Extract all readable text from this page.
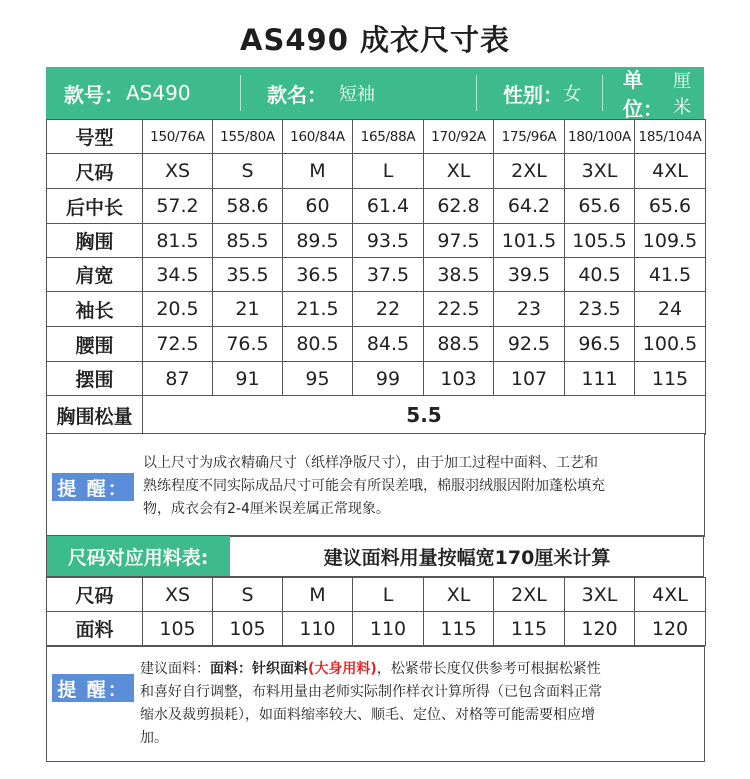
AS490 成衣尺寸表
款号： AS490	款名： 短袖	性别： 女
单位：
厘米
号型	150/76A	155/80A	160/84A	165/88A	170/92A	175/96A	180/100A	185/104A
尺码	XS	S	M	L	XL	2XL	3XL	4XL
后中长	57.2	58.6	60	61.4	62.8	64.2	65.6	65.6
胸围	81.5	85.5	89.5	93.5	97.5	101.5	105.5	109.5
肩宽	34.5	35.5	36.5	37.5	38.5	39.5	40.5	41.5
袖长	20.5	21	21.5	22	22.5	23	23.5	24
腰围	72.5	76.5	80.5	84.5	88.5	92.5	96.5	100.5
摆围	87	91	95	99	103	107	111	115
胸围松量	5.5							
提 醒：
以上尺寸为成衣精确尺寸（纸样净版尺寸），由于加工过程中面料、工艺和
熟练程度不同实际成品尺寸可能会有所误差哦，棉服羽绒服因附加蓬松填充
物，成衣会有2-4厘米误差属正常现象。
尺码对应用料表:	建议面料用量按幅宽170厘米计算
尺码	XS	S	M	L	XL	2XL	3XL	4XL
面料	105	105	110	110	115	115	120	120
提 醒：
建议面料：面料：针织面料(大身用料)，松紧带长度仅供参考可根据松紧性
和喜好自行调整，布料用量由老师实际制作样衣计算所得（已包含面料正常
缩水及裁剪损耗），如面料缩率较大、顺毛、定位、对格等可能需要相应增
加。
